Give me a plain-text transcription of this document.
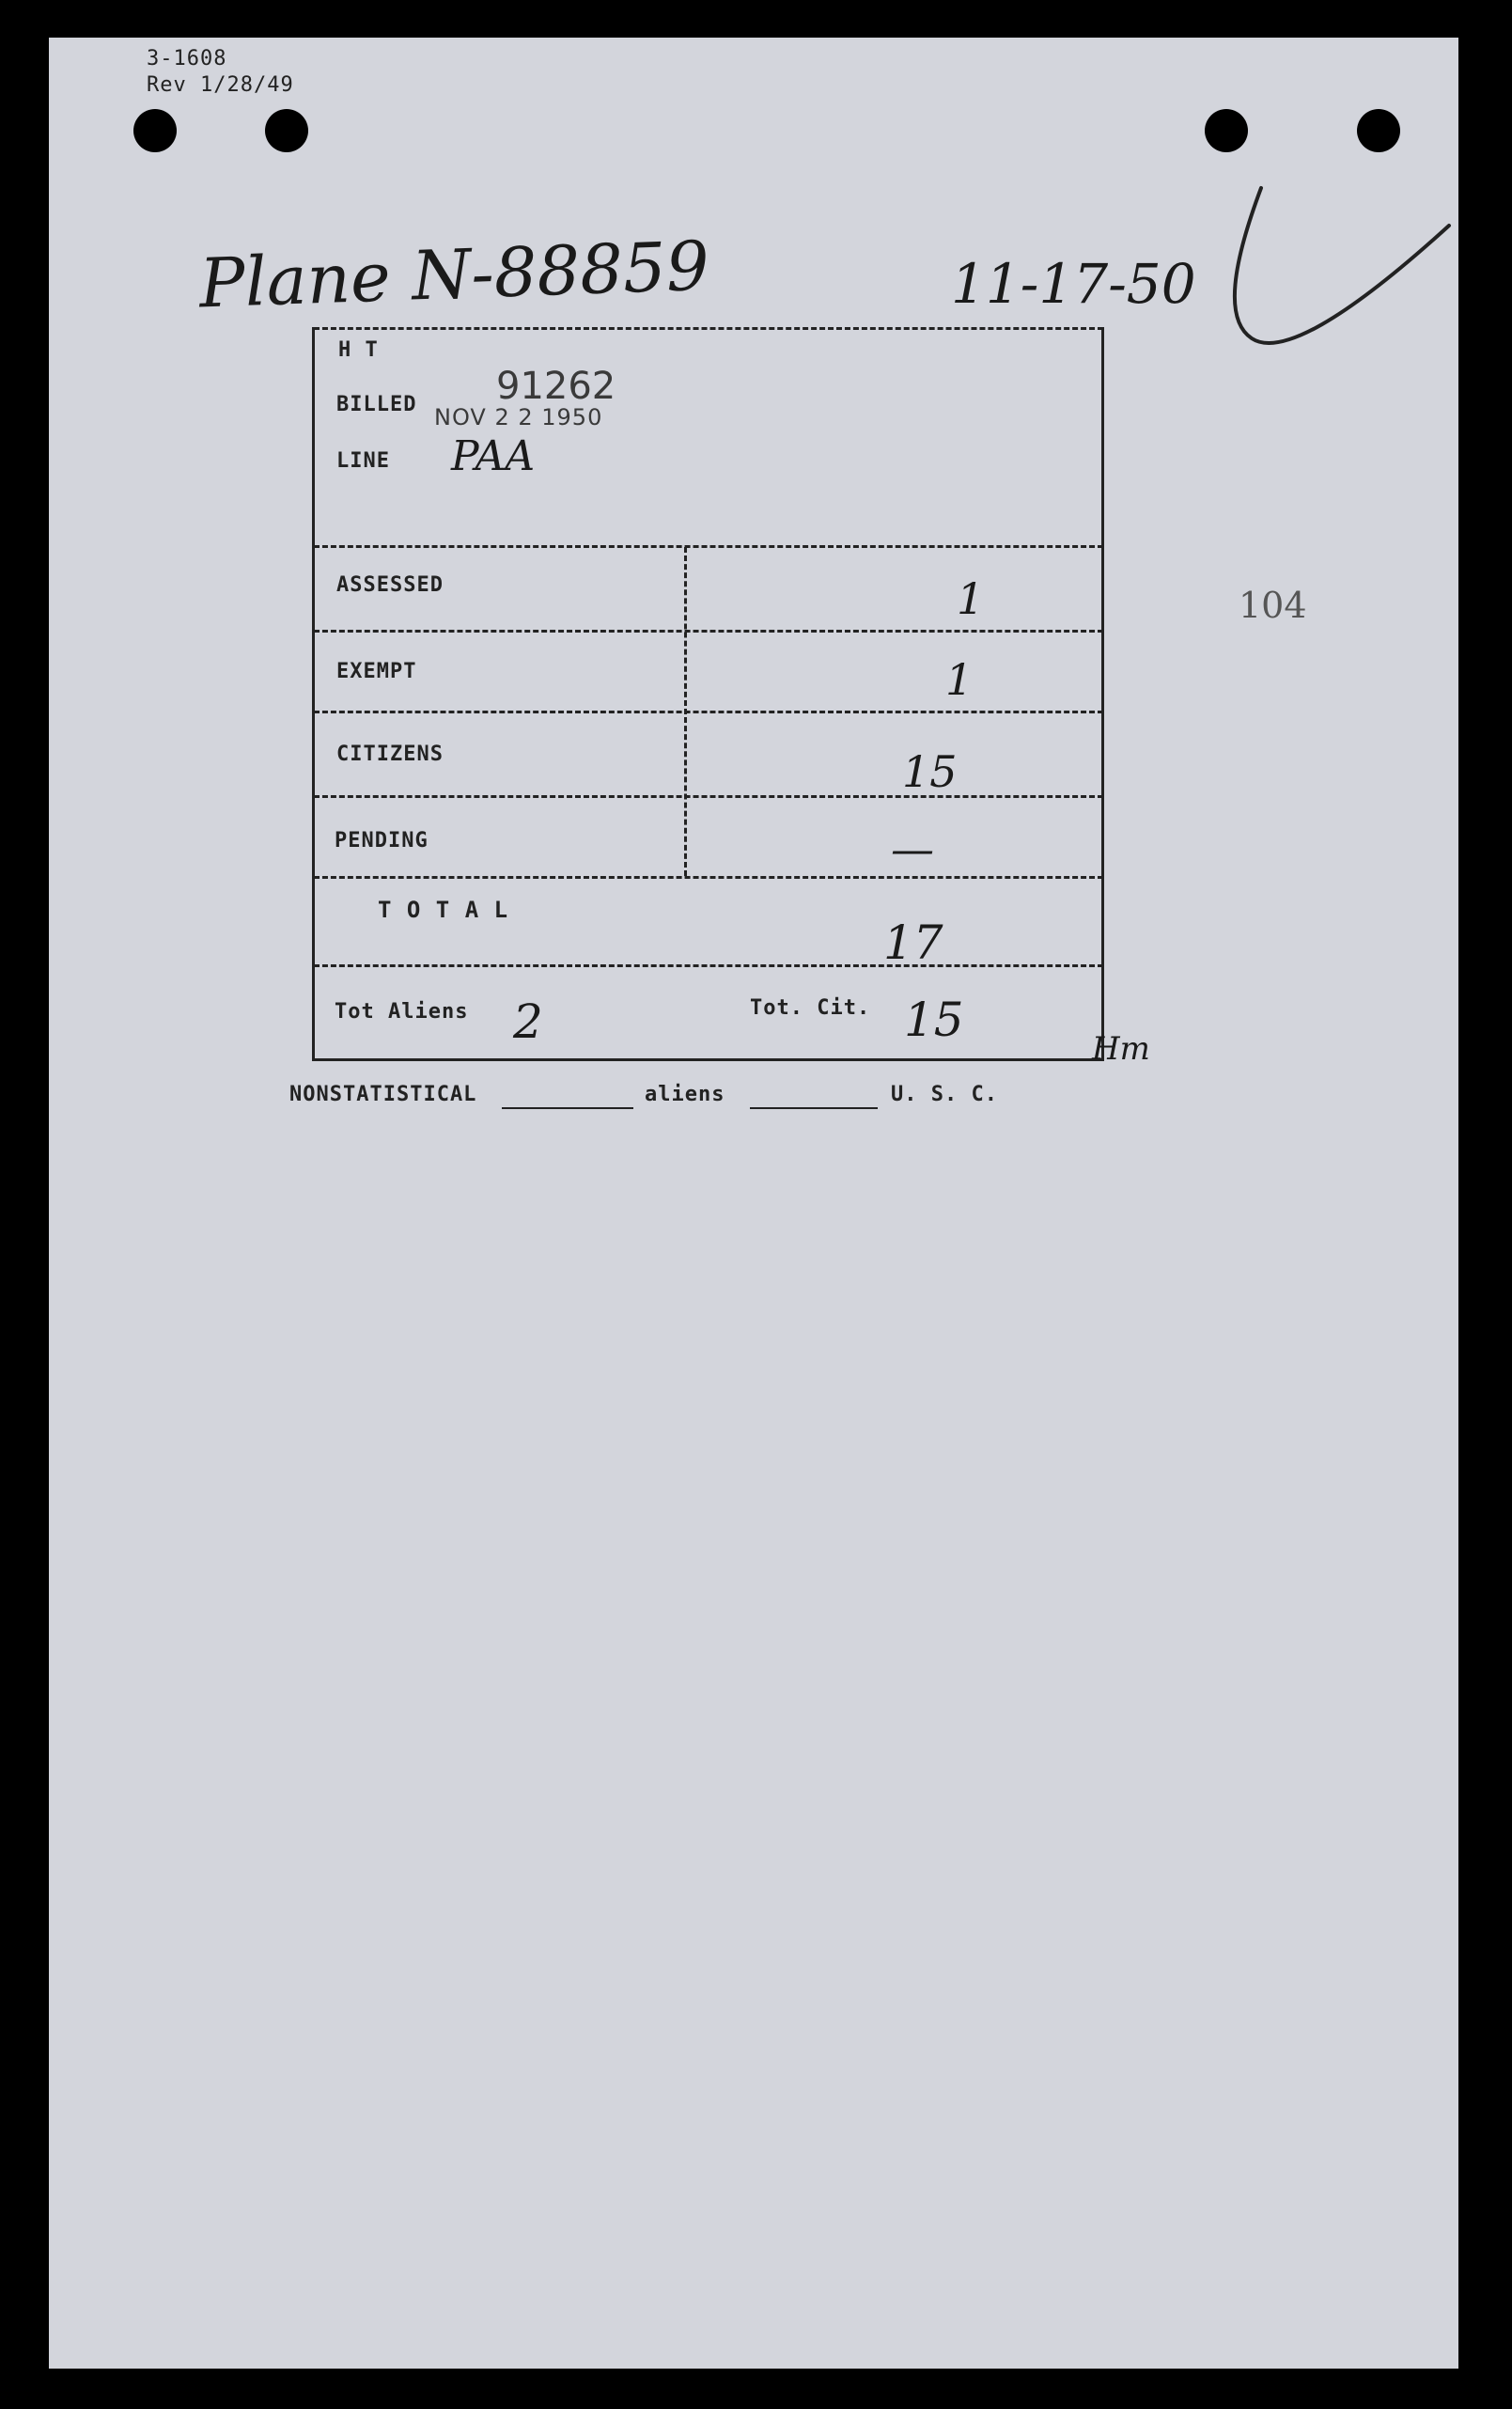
3-1608
Rev 1/28/49
Plane N-88859	11-17-50
H T
BILLED 91262
NOV 2 2 1950
LINE PAA
ASSESSED	1
EXEMPT	1
CITIZENS	15
PENDING	—
T O T A L
17
Tot Aliens 2	Tot. Cit. 15
Hm
104
NONSTATISTICAL	aliens	U. S. C.
